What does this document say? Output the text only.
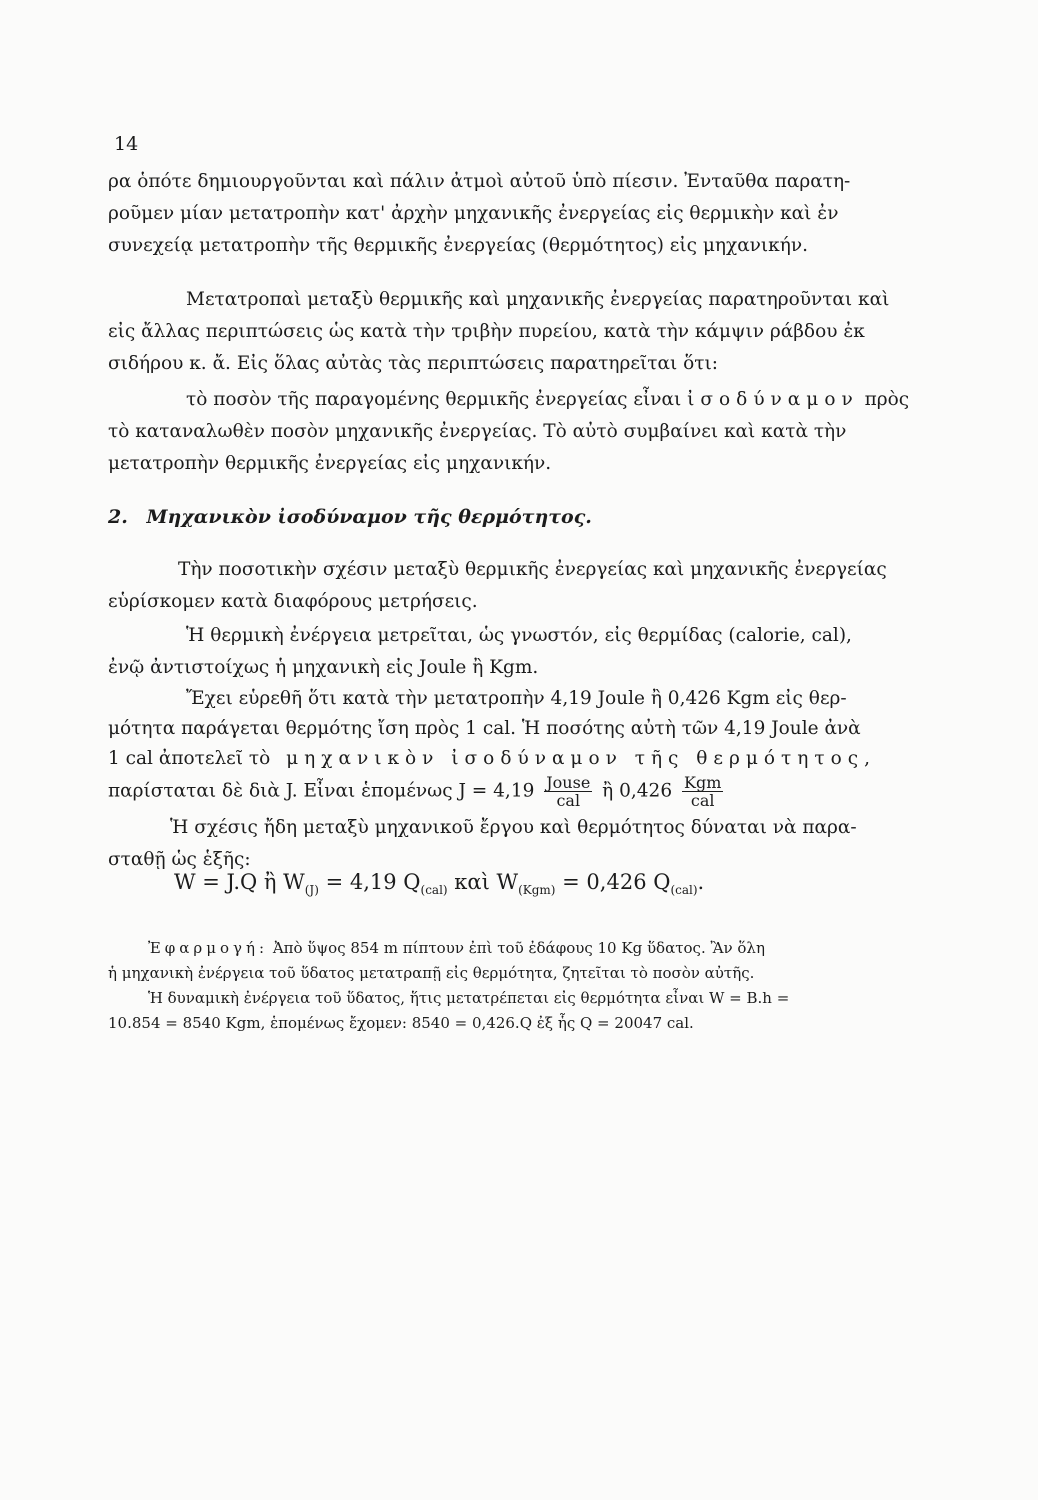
14
ρα ὁπότε δημιουργοῦνται καὶ πάλιν ἀτμοὶ αὐτοῦ ὑπὸ πίεσιν. Ἐνταῦθα παρατη-
ροῦμεν μίαν μετατροπὴν κατ' ἀρχὴν μηχανικῆς ἐνεργείας εἰς θερμικὴν καὶ ἐν
συνεχείᾳ μετατροπὴν τῆς θερμικῆς ἐνεργείας (θερμότητος) εἰς μηχανικήν.
Μετατροπαὶ μεταξὺ θερμικῆς καὶ μηχανικῆς ἐνεργείας παρατηροῦνται καὶ
εἰς ἄλλας περιπτώσεις ὡς κατὰ τὴν τριβὴν πυρείου, κατὰ τὴν κάμψιν ράβδου ἐκ
σιδήρου κ. ἄ. Εἰς ὅλας αὐτὰς τὰς περιπτώσεις παρατηρεῖται ὅτι:
τὸ ποσὸν τῆς παραγομένης θερμικῆς ἐνεργείας εἶναι ἰσοδύναμον πρὸς
τὸ καταναλωθὲν ποσὸν μηχανικῆς ἐνεργείας. Τὸ αὐτὸ συμβαίνει καὶ κατὰ τὴν
μετατροπὴν θερμικῆς ἐνεργείας εἰς μηχανικήν.
2. Μηχανικὸν ἰσοδύναμον τῆς θερμότητος.
Τὴν ποσοτικὴν σχέσιν μεταξὺ θερμικῆς ἐνεργείας καὶ μηχανικῆς ἐνεργείας
εὑρίσκομεν κατὰ διαφόρους μετρήσεις.
Ἡ θερμικὴ ἐνέργεια μετρεῖται, ὡς γνωστόν, εἰς θερμίδας (calorie, cal),
ἐνῷ ἀντιστοίχως ἡ μηχανικὴ εἰς Joule ἢ Kgm.
Ἔχει εὑρεθῆ ὅτι κατὰ τὴν μετατροπὴν 4,19 Joule ἢ 0,426 Kgm εἰς θερ-
μότητα παράγεται θερμότης ἴση πρὸς 1 cal. Ἡ ποσότης αὐτὴ τῶν 4,19 Joule ἀνὰ
1 cal ἀποτελεῖ τὸ μηχανικὸν ἰσοδύναμον τῆς θερμότητος,
παρίσταται δὲ διὰ J. Εἶναι ἑπομένως $J = 4,19 \frac{\text{Jouse}}{\text{cal}}$ ἢ $0,426 \frac{\text{Kgm}}{\text{cal}}$
Ἡ σχέσις ἤδη μεταξὺ μηχανικοῦ ἔργου καὶ θερμότητος δύναται νὰ παρα-
σταθῇ ὡς ἑξῆς:
W = J.Q ἢ $W_{(J)} = 4,19$ $Q_{(cal)}$ καὶ $W_{(Kgm)} = 0,426$ $Q_{(cal)}$.
Ἐφαρμογή: Ἀπὸ ὕψος 854 m πίπτουν ἐπὶ τοῦ ἐδάφους 10 Kg ὕδατος. Ἂν ὅλη
ἡ μηχανικὴ ἐνέργεια τοῦ ὕδατος μετατραπῇ εἰς θερμότητα, ζητεῖται τὸ ποσὸν αὐτῆς.
Ἡ δυναμικὴ ἐνέργεια τοῦ ὕδατος, ἥτις μετατρέπεται εἰς θερμότητα εἶναι W = B.h =
10.854 = 8540 Kgm, ἑπομένως ἔχομεν: 8540 = 0,426.Q ἐξ ἧς Q = 20047 cal.
